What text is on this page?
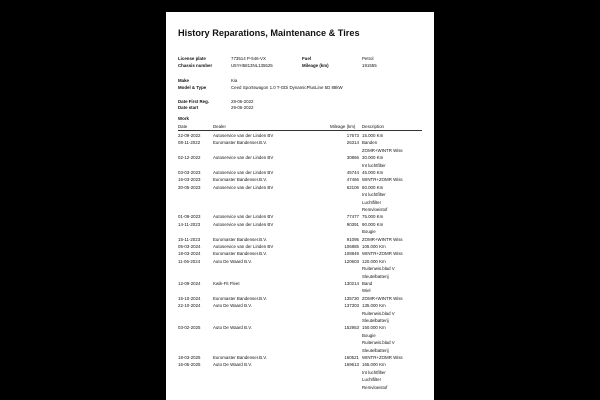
History Reparations, Maintenance & Tires
License plate	773514 P-546-VX	Fuel	Petrol
Chassis number	U5YH5813NL135525	Mileage (km)	191555
Make	Kia
Model & Type	Ceed Sportswagon 1.0 T-GDi DynamicPlusLine 5D 88kW
Date First Reg.	28-06-2022
Date start	29-06-2022
Work
Date	Dealer	Mileage (km) Description
22-09-2022	Autoservice van der Linden BV	17673 15.000 Km
08-11-2022	Euromaster Bandenser.B.V.	26314 Banden
ZOMR+WINTR Wiss
02-12-2022	Autoservice van der Linden BV	30866 30.000 Km
Int luchtfilter
03-03-2023	Autoservice van der Linden BV	45744 45.000 Km
16-03-2023	Euromaster Bandenser.B.V.	47466 WINTR+ZOMR Wiss
30-05-2023	Autoservice van der Linden BV	62106 60.000 Km
Int luchtfilter
Luchtfilter
Remvloeistof
01-09-2023	Autoservice van der Linden BV	77477 75.000 Km
14-11-2023	Autoservice van der Linden BV	90391 90.000 Km
Bougie
15-11-2023	Euromaster Bandenser.B.V.	91095 ZOMR+WINTR Wiss
05-03-2024	Autoservice van der Linden BV	106885 105.000 Km
18-03-2024	Euromaster Bandenser.B.V.	108849 WINTR+ZOMR Wiss
11-06-2024	Auto De Waard B.V.	120603 120.000 Km
Ruitenwis.blad V
Sleutelbatterij
12-09-2024	Kwik-Fit Fleet	130214 Band
Wiel
15-10-2024	Euromaster Bandenser.B.V.	135730 ZOMR+WINTR Wiss
22-10-2024	Auto De Waard B.V.	137303 135.000 Km
Ruitenwis.blad V
Sleutelbatterij
03-02-2025	Auto De Waard B.V.	152953 150.000 Km
Bougie
Ruitenwis.blad V
Sleutelbatterij
18-03-2025	Euromaster Bandenser.B.V.	160521 WINTR+ZOMR Wiss
16-05-2025	Auto De Waard B.V.	169613 165.000 Km
Int luchtfilter
Luchtfilter
Remvloeistof
